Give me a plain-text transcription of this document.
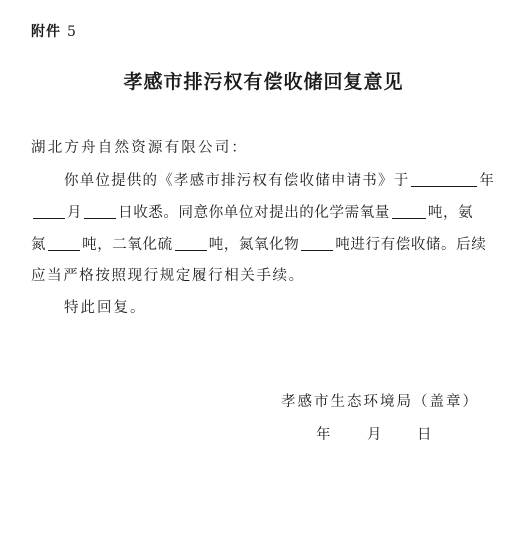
附件 5
孝感市排污权有偿收储回复意见
湖北方舟自然资源有限公司：
你单位提供的《孝感市排污权有偿收储申请书》于	年
月 日收悉。同意你单位对提出的化学需氧量	吨，氨
氮 吨，二氧化硫 吨，氮氧化物 吨进行有偿收储。后续
应当严格按照现行规定履行相关手续。
特此回复。
孝感市生态环境局（盖章）
年	月 日
